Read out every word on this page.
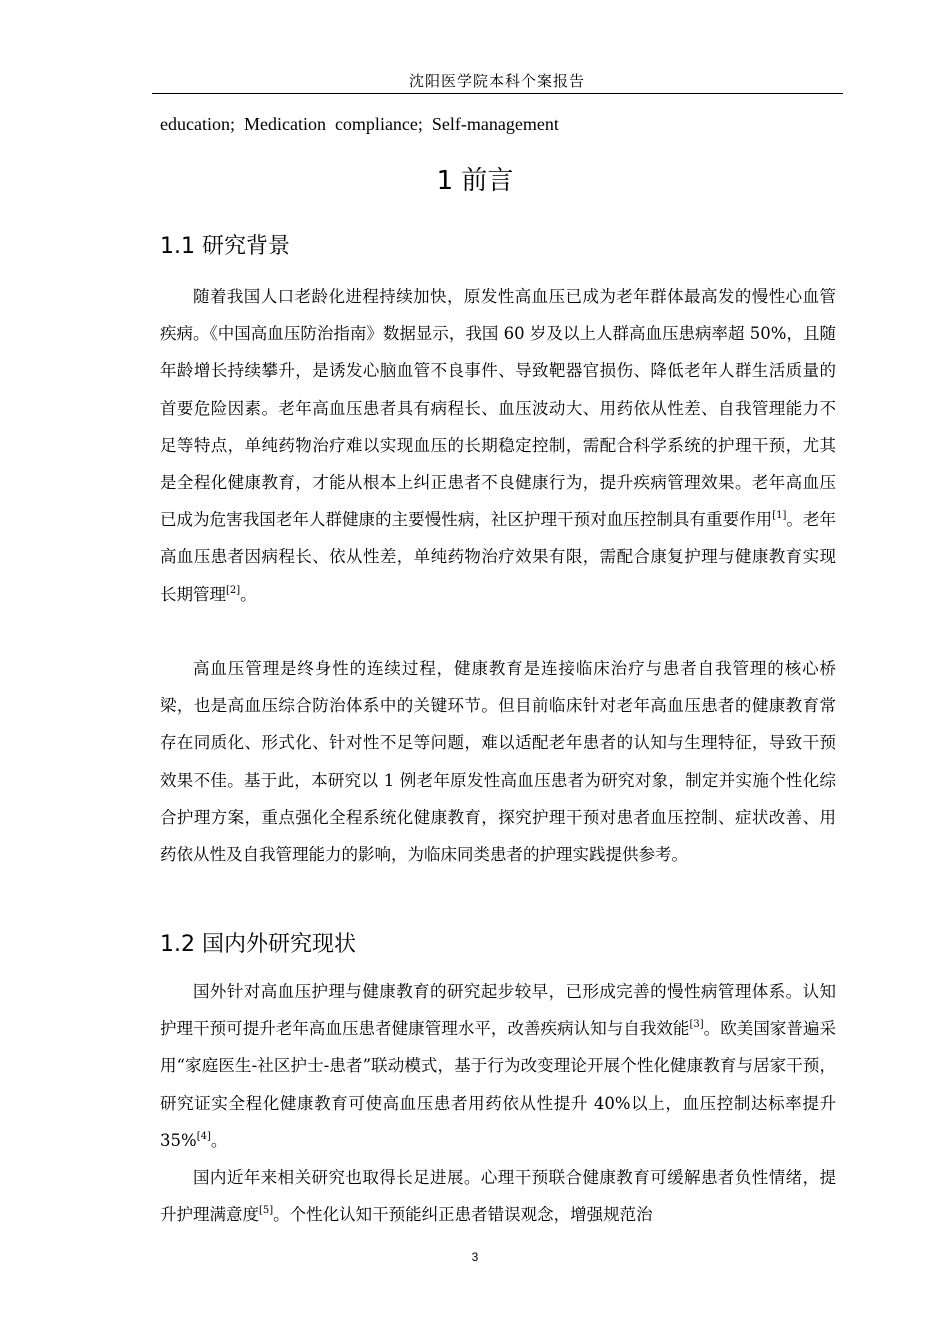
沈阳医学院本科个案报告
education;  Medication  compliance;  Self-management
1 前言
1.1 研究背景

随着我国人口老龄化进程持续加快，原发性高血压已成为老年群体最高发的慢性心血管疾病。《中国高血压防治指南》数据显示，我国 60 岁及以上人群高血压患病率超 50%，且随年龄增长持续攀升，是诱发心脑血管不良事件、导致靶器官损伤、降低老年人群生活质量的首要危险因素。老年高血压患者具有病程长、血压波动大、用药依从性差、自我管理能力不足等特点，单纯药物治疗难以实现血压的长期稳定控制，需配合科学系统的护理干预，尤其是全程化健康教育，才能从根本上纠正患者不良健康行为，提升疾病管理效果。老年高血压已成为危害我国老年人群健康的主要慢性病，社区护理干预对血压控制具有重要作用[1]。老年高血压患者因病程长、依从性差，单纯药物治疗效果有限，需配合康复护理与健康教育实现长期管理[2]。

高血压管理是终身性的连续过程，健康教育是连接临床治疗与患者自我管理的核心桥梁，也是高血压综合防治体系中的关键环节。但目前临床针对老年高血压患者的健康教育常存在同质化、形式化、针对性不足等问题，难以适配老年患者的认知与生理特征，导致干预效果不佳。基于此，本研究以 1 例老年原发性高血压患者为研究对象，制定并实施个性化综合护理方案，重点强化全程系统化健康教育，探究护理干预对患者血压控制、症状改善、用药依从性及自我管理能力的影响，为临床同类患者的护理实践提供参考。

1.2 国内外研究现状

国外针对高血压护理与健康教育的研究起步较早，已形成完善的慢性病管理体系。认知护理干预可提升老年高血压患者健康管理水平，改善疾病认知与自我效能[3]。欧美国家普遍采用“家庭医生-社区护士-患者”联动模式，基于行为改变理论开展个性化健康教育与居家干预，研究证实全程化健康教育可使高血压患者用药依从性提升 40%以上，血压控制达标率提升 35%[4]。

国内近年来相关研究也取得长足进展。心理干预联合健康教育可缓解患者负性情绪，提升护理满意度[5]。个性化认知干预能纠正患者错误观念，增强规范治

3
